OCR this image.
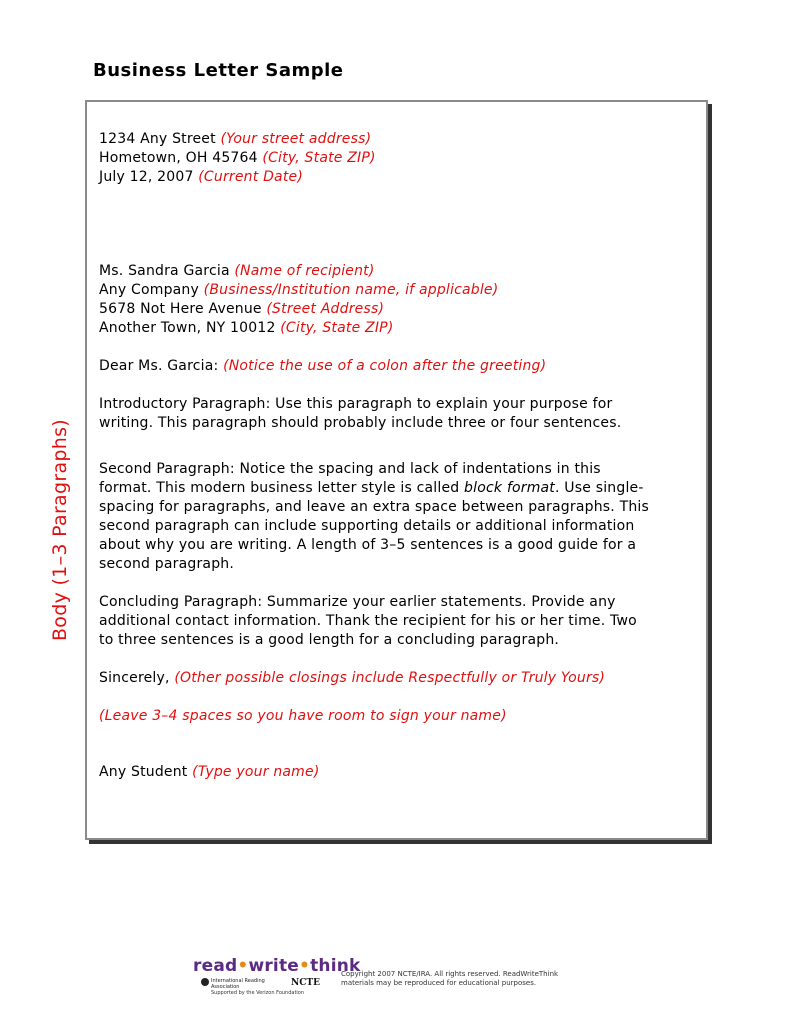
Business Letter Sample
Body (1–3 Paragraphs)
1234 Any Street (Your street address)
Hometown, OH 45764 (City, State ZIP)
July 12, 2007 (Current Date)
Ms. Sandra Garcia (Name of recipient)
Any Company (Business/Institution name, if applicable)
5678 Not Here Avenue (Street Address)
Another Town, NY 10012 (City, State ZIP)
Dear Ms. Garcia: (Notice the use of a colon after the greeting)
Introductory Paragraph: Use this paragraph to explain your purpose for
writing. This paragraph should probably include three or four sentences.
Second Paragraph: Notice the spacing and lack of indentations in this
format. This modern business letter style is called block format. Use single-
spacing for paragraphs, and leave an extra space between paragraphs. This
second paragraph can include supporting details or additional information
about why you are writing. A length of 3–5 sentences is a good guide for a
second paragraph.
Concluding Paragraph: Summarize your earlier statements. Provide any
additional contact information. Thank the recipient for his or her time. Two
to three sentences is a good length for a concluding paragraph.
Sincerely, (Other possible closings include Respectfully or Truly Yours)
(Leave 3–4 spaces so you have room to sign your name)
Any Student (Type your name)
read•write•think
International Reading Association	NCTE
Supported by the Verizon Foundation
Copyright 2007 NCTE/IRA. All rights reserved. ReadWriteThink
materials may be reproduced for educational purposes.
